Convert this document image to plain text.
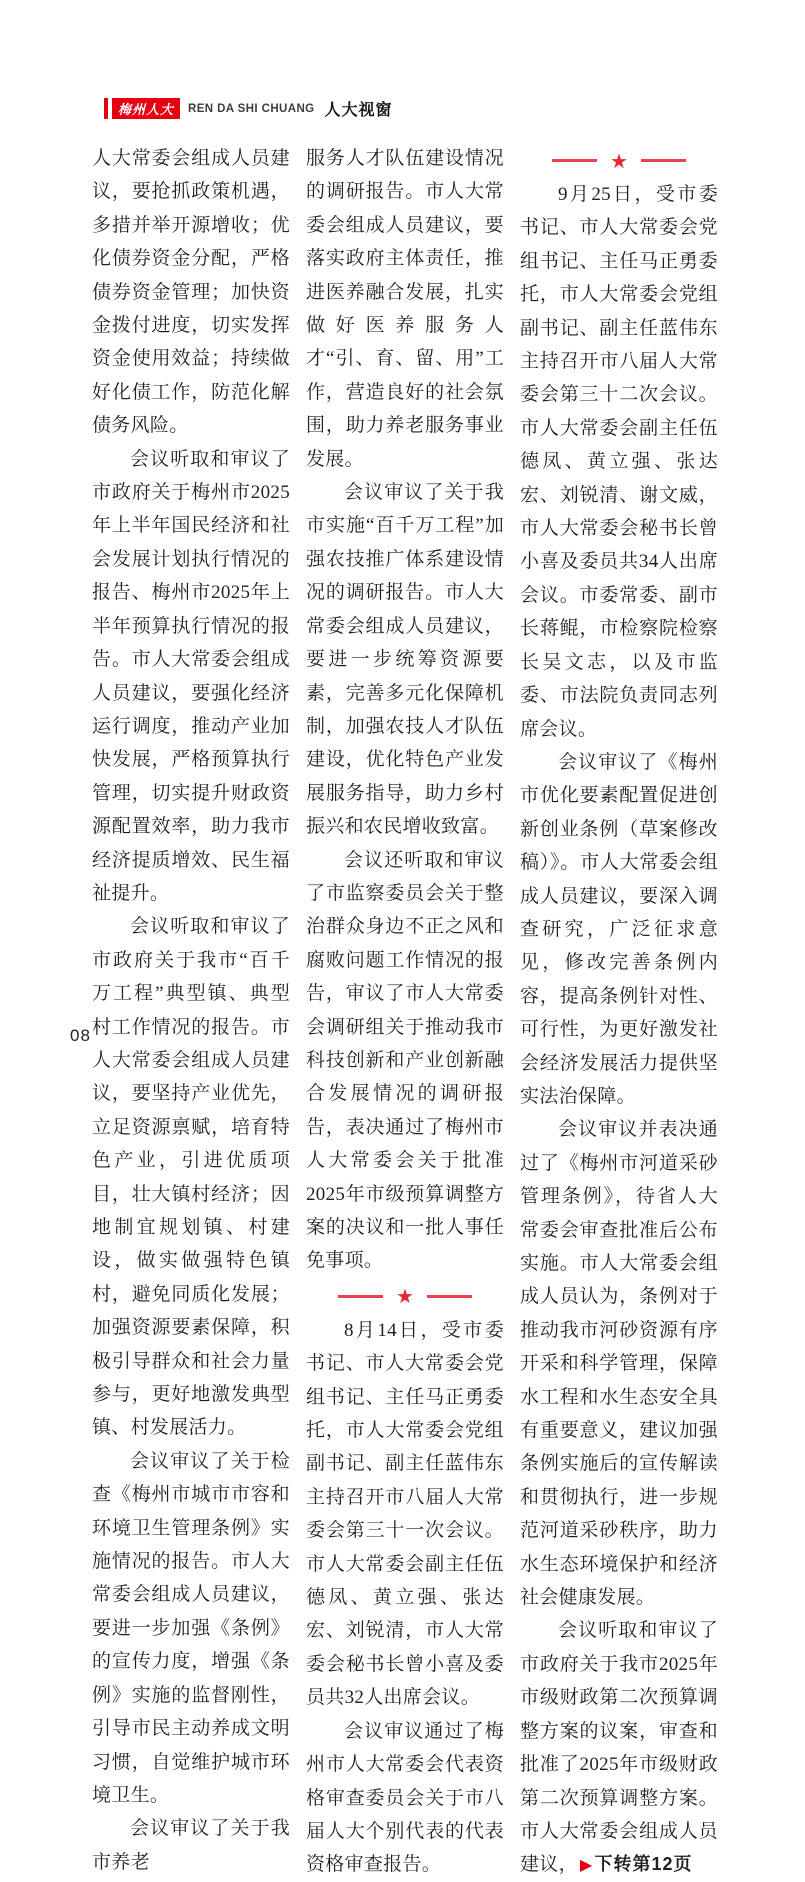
梅州人大 REN DA SHI CHUANG 人大视窗

人大常委会组成人员建议，要抢抓政策机遇，多措并举开源增收；优化债券资金分配，严格债券资金管理；加快资金拨付进度，切实发挥资金使用效益；持续做好化债工作，防范化解债务风险。

会议听取和审议了市政府关于梅州市2025年上半年国民经济和社会发展计划执行情况的报告、梅州市2025年上半年预算执行情况的报告。市人大常委会组成人员建议，要强化经济运行调度，推动产业加快发展，严格预算执行管理，切实提升财政资源配置效率，助力我市经济提质增效、民生福祉提升。

会议听取和审议了市政府关于我市“百千万工程”典型镇、典型村工作情况的报告。市人大常委会组成人员建议，要坚持产业优先，立足资源禀赋，培育特色产业，引进优质项目，壮大镇村经济；因地制宜规划镇、村建设，做实做强特色镇村，避免同质化发展；加强资源要素保障，积极引导群众和社会力量参与，更好地激发典型镇、村发展活力。

会议审议了关于检查《梅州市城市市容和环境卫生管理条例》实施情况的报告。市人大常委会组成人员建议，要进一步加强《条例》的宣传力度，增强《条例》实施的监督刚性，引导市民主动养成文明习惯，自觉维护城市环境卫生。

会议审议了关于我市养老

服务人才队伍建设情况的调研报告。市人大常委会组成人员建议，要落实政府主体责任，推进医养融合发展，扎实做好医养服务人才“引、育、留、用”工作，营造良好的社会氛围，助力养老服务事业发展。

会议审议了关于我市实施“百千万工程”加强农技推广体系建设情况的调研报告。市人大常委会组成人员建议，要进一步统筹资源要素，完善多元化保障机制，加强农技人才队伍建设，优化特色产业发展服务指导，助力乡村振兴和农民增收致富。

会议还听取和审议了市监察委员会关于整治群众身边不正之风和腐败问题工作情况的报告，审议了市人大常委会调研组关于推动我市科技创新和产业创新融合发展情况的调研报告，表决通过了梅州市人大常委会关于批准2025年市级预算调整方案的决议和一批人事任免事项。

★

8月14日，受市委书记、市人大常委会党组书记、主任马正勇委托，市人大常委会党组副书记、副主任蓝伟东主持召开市八届人大常委会第三十一次会议。市人大常委会副主任伍德凤、黄立强、张达宏、刘锐清，市人大常委会秘书长曾小喜及委员共32人出席会议。

会议审议通过了梅州市人大常委会代表资格审查委员会关于市八届人大个别代表的代表资格审查报告。

★

9月25日，受市委书记、市人大常委会党组书记、主任马正勇委托，市人大常委会党组副书记、副主任蓝伟东主持召开市八届人大常委会第三十二次会议。市人大常委会副主任伍德凤、黄立强、张达宏、刘锐清、谢文威，市人大常委会秘书长曾小喜及委员共34人出席会议。市委常委、副市长蒋鲲，市检察院检察长吴文志，以及市监委、市法院负责同志列席会议。

会议审议了《梅州市优化要素配置促进创新创业条例（草案修改稿）》。市人大常委会组成人员建议，要深入调查研究，广泛征求意见，修改完善条例内容，提高条例针对性、可行性，为更好激发社会经济发展活力提供坚实法治保障。

会议审议并表决通过了《梅州市河道采砂管理条例》，待省人大常委会审查批准后公布实施。市人大常委会组成人员认为，条例对于推动我市河砂资源有序开采和科学管理，保障水工程和水生态安全具有重要意义，建议加强条例实施后的宣传解读和贯彻执行，进一步规范河道采砂秩序，助力水生态环境保护和经济社会健康发展。

会议听取和审议了市政府关于我市2025年市级财政第二次预算调整方案的议案，审查和批准了2025年市级财政第二次预算调整方案。市人大常委会组成人员建议， ▶ 下转第12页

08
